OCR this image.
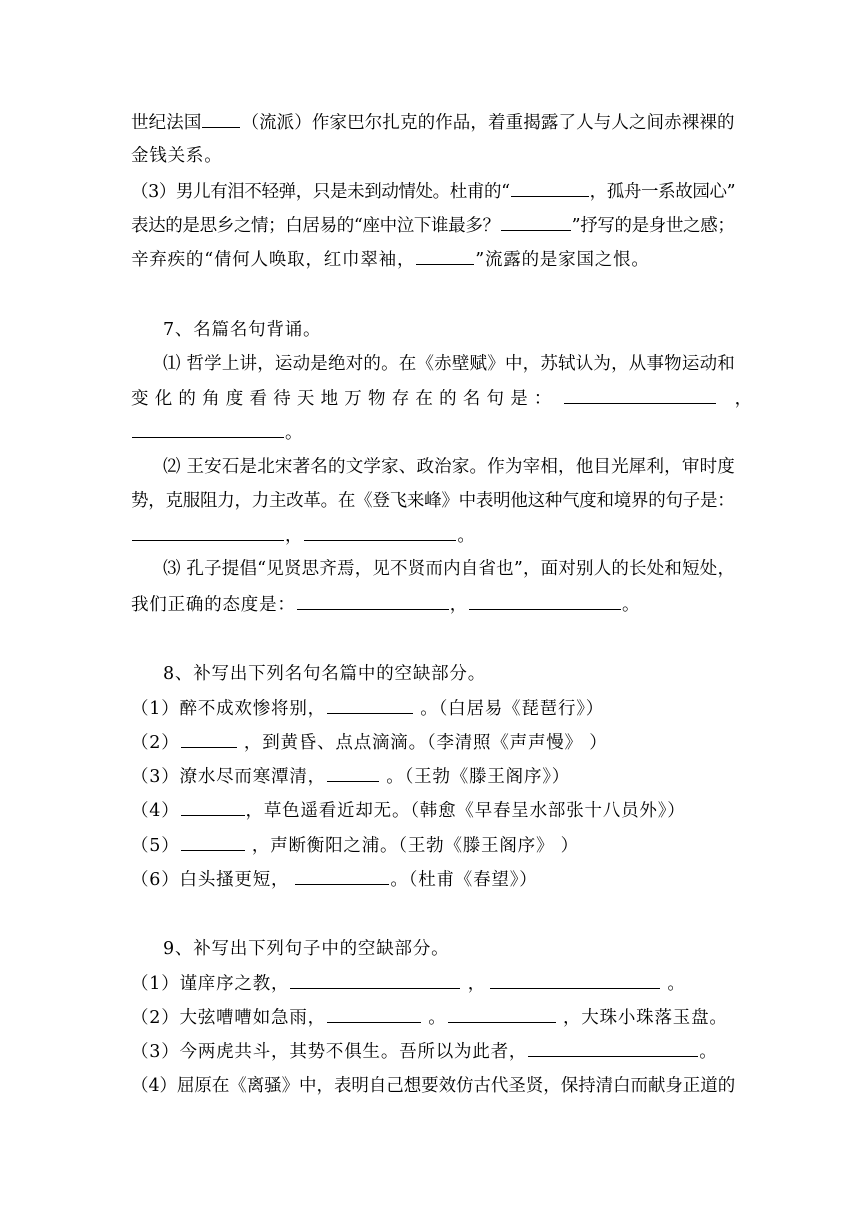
世纪法国 （流派）作家巴尔扎克的作品，着重揭露了人与人之间赤裸裸的
金钱关系。
（3）男儿有泪不轻弹，只是未到动情处。杜甫的“	，孤舟一系故园心”
表达的是思乡之情；白居易的“座中泣下谁最多？	”抒写的是身世之感；
辛弃疾的“倩何人唤取，红巾翠袖，	”流露的是家国之恨。
7、名篇名句背诵。
⑴ 哲学上讲，运动是绝对的。在《赤壁赋》中，苏轼认为，从事物运动和
变化的角度看待天地万物存在的名句是：	，
。
⑵ 王安石是北宋著名的文学家、政治家。作为宰相，他目光犀利，审时度
势，克服阻力，力主改革。在《登飞来峰》中表明他这种气度和境界的句子是：
，	。
⑶ 孔子提倡“见贤思齐焉，见不贤而内自省也”，面对别人的长处和短处，
我们正确的态度是：	，	。
8、补写出下列名句名篇中的空缺部分。
（1）醉不成欢惨将别，	。（白居易《琵琶行》）
（2）	，到黄昏、点点滴滴。（李清照《声声慢》 ）
（3）潦水尽而寒潭清，	。（王勃《滕王阁序》）
（4）	，草色遥看近却无。（韩愈《早春呈水部张十八员外》）
（5）	，声断衡阳之浦。（王勃《滕王阁序》 ）
（6）白头搔更短，	。（杜甫《春望》）
9、补写出下列句子中的空缺部分。
（1）谨庠序之教，	，	。
（2）大弦嘈嘈如急雨，	。	，大珠小珠落玉盘。
（3）今两虎共斗，其势不俱生。吾所以为此者，	。
（4）屈原在《离骚》中，表明自己想要效仿古代圣贤，保持清白而献身正道的
